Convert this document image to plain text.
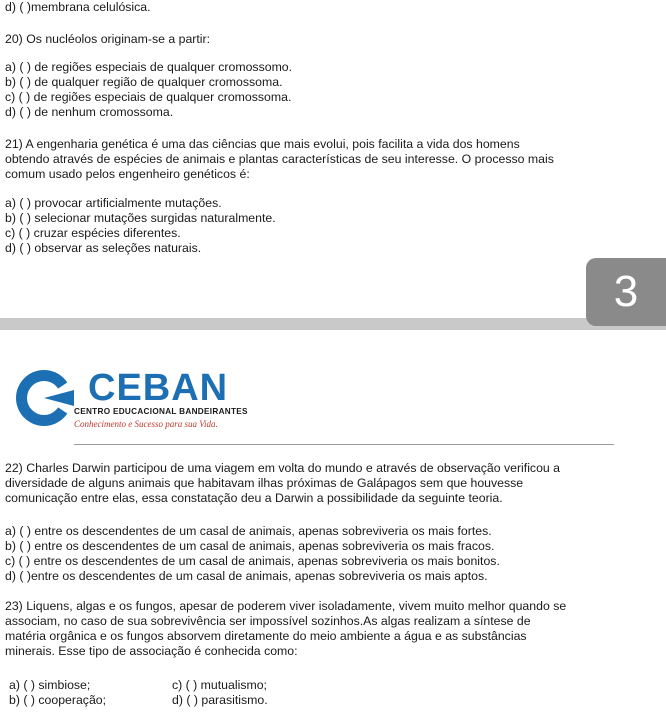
d) ( )membrana celulósica.
20) Os nucléolos originam-se a partir:
a) ( ) de regiões especiais de qualquer cromossomo.
b) ( ) de qualquer região de qualquer cromossoma.
c) ( ) de regiões especiais de qualquer cromossoma.
d) ( ) de nenhum cromossoma.
21) A engenharia genética é uma das ciências que mais evolui, pois facilita a vida dos homens
obtendo através de espécies de animais e plantas características de seu interesse. O processo mais
comum usado pelos engenheiro genéticos é:
a) ( ) provocar artificialmente mutações.
b) ( ) selecionar mutações surgidas naturalmente.
c) ( ) cruzar espécies diferentes.
d) ( ) observar as seleções naturais.
3
CEBAN
CENTRO EDUCACIONAL BANDEIRANTES
Conhecimento e Sucesso para sua Vida.
22) Charles Darwin participou de uma viagem em volta do mundo e através de observação verificou a
diversidade de alguns animais que habitavam ilhas próximas de Galápagos sem que houvesse
comunicação entre elas, essa constatação deu a Darwin a possibilidade da seguinte teoria.
a) ( ) entre os descendentes de um casal de animais, apenas sobreviveria os mais fortes.
b) ( ) entre os descendentes de um casal de animais, apenas sobreviveria os mais fracos.
c) ( ) entre os descendentes de um casal de animais, apenas sobreviveria os mais bonitos.
d) ( )entre os descendentes de um casal de animais, apenas sobreviveria os mais aptos.
23) Liquens, algas e os fungos, apesar de poderem viver isoladamente, vivem muito melhor quando se
associam, no caso de sua sobrevivência ser impossível sozinhos.As algas realizam a síntese de
matéria orgânica e os fungos absorvem diretamente do meio ambiente a água e as substâncias
minerais. Esse tipo de associação é conhecida como:
a) ( ) simbiose;	c) ( ) mutualismo;
b) ( ) cooperação;	d) ( ) parasitismo.
